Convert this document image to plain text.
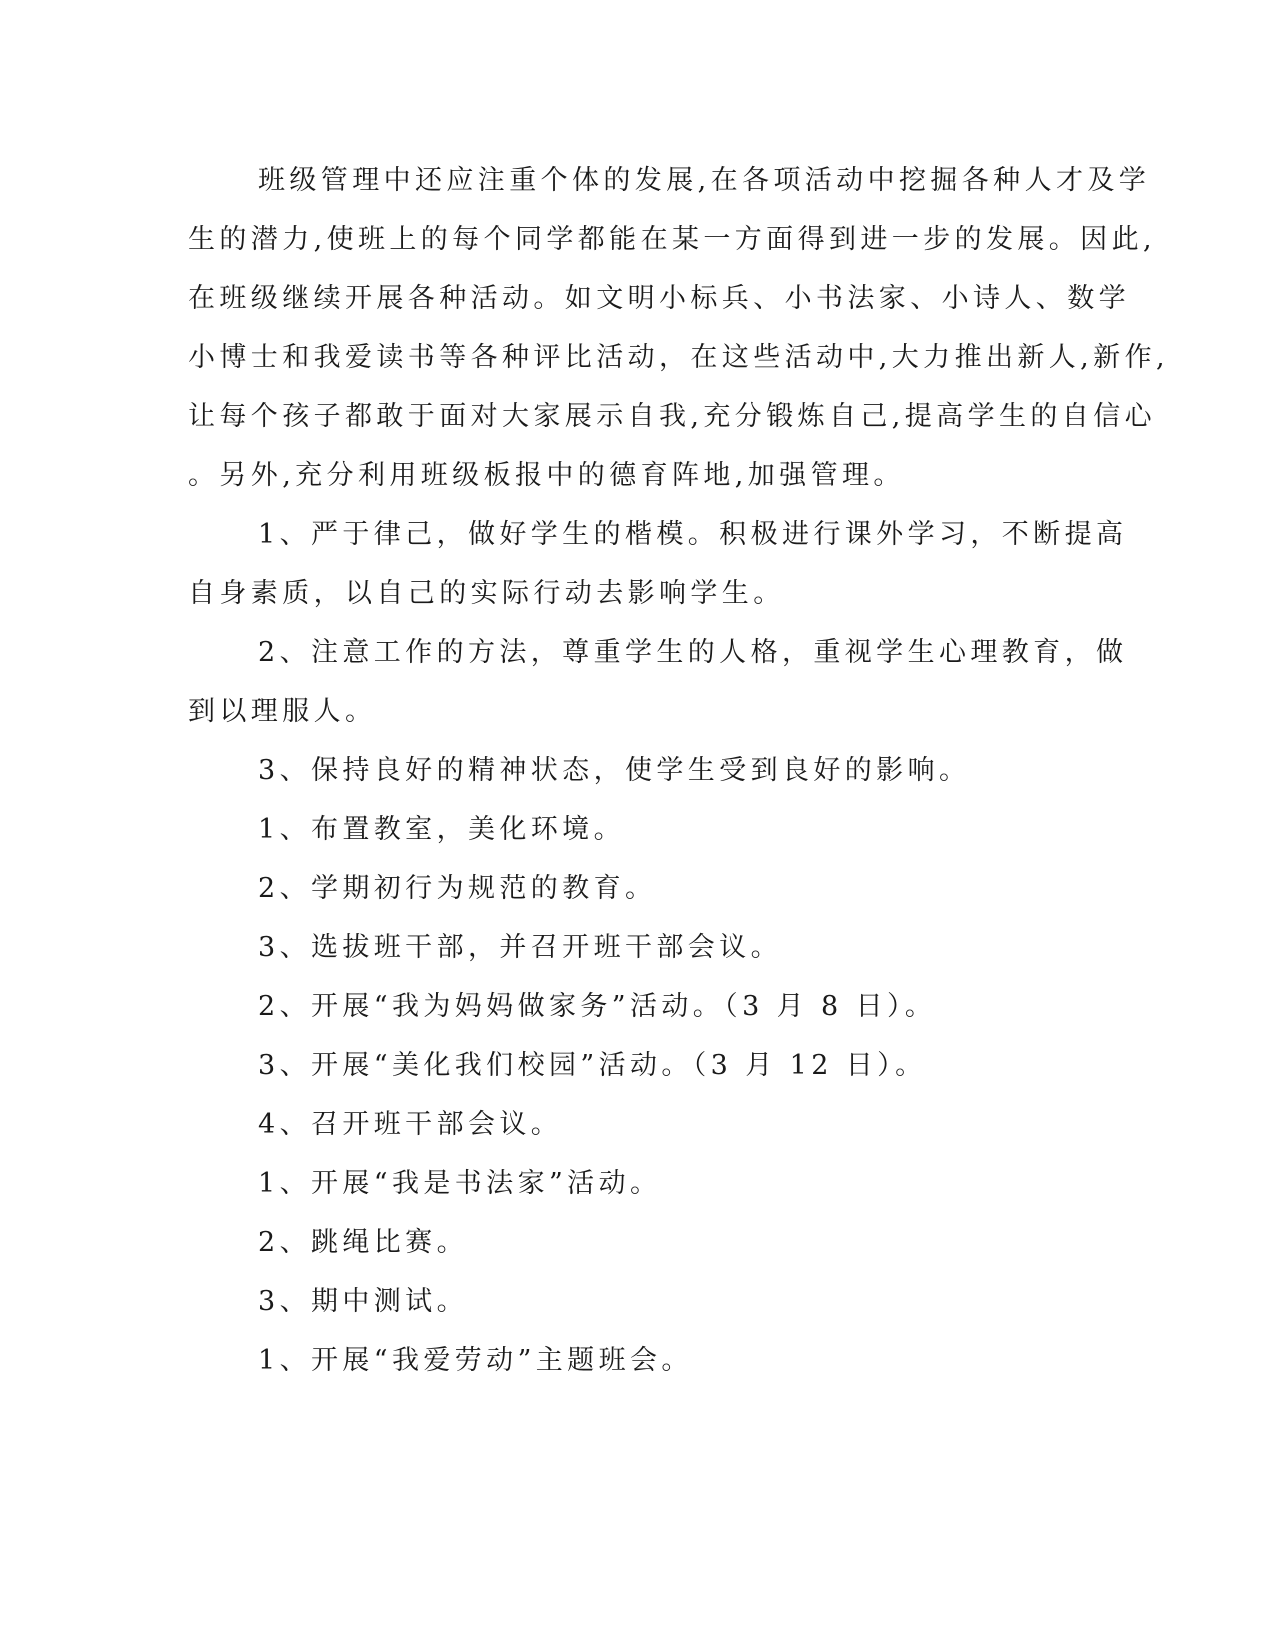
班级管理中还应注重个体的发展,在各项活动中挖掘各种人才及学
生的潜力,使班上的每个同学都能在某一方面得到进一步的发展。因此,
在班级继续开展各种活动。如文明小标兵、小书法家、小诗人、数学
小博士和我爱读书等各种评比活动，在这些活动中,大力推出新人,新作,
让每个孩子都敢于面对大家展示自我,充分锻炼自己,提高学生的自信心
。另外,充分利用班级板报中的德育阵地,加强管理。
1、严于律己，做好学生的楷模。积极进行课外学习，不断提高
自身素质，以自己的实际行动去影响学生。
2、注意工作的方法，尊重学生的人格，重视学生心理教育，做
到以理服人。
3、保持良好的精神状态，使学生受到良好的影响。
1、布置教室，美化环境。
2、学期初行为规范的教育。
3、选拔班干部，并召开班干部会议。
2、开展“我为妈妈做家务”活动。（3 月 8 日）。
3、开展“美化我们校园”活动。（3 月 12 日）。
4、召开班干部会议。
1、开展“我是书法家”活动。
2、跳绳比赛。
3、期中测试。
1、开展“我爱劳动”主题班会。
